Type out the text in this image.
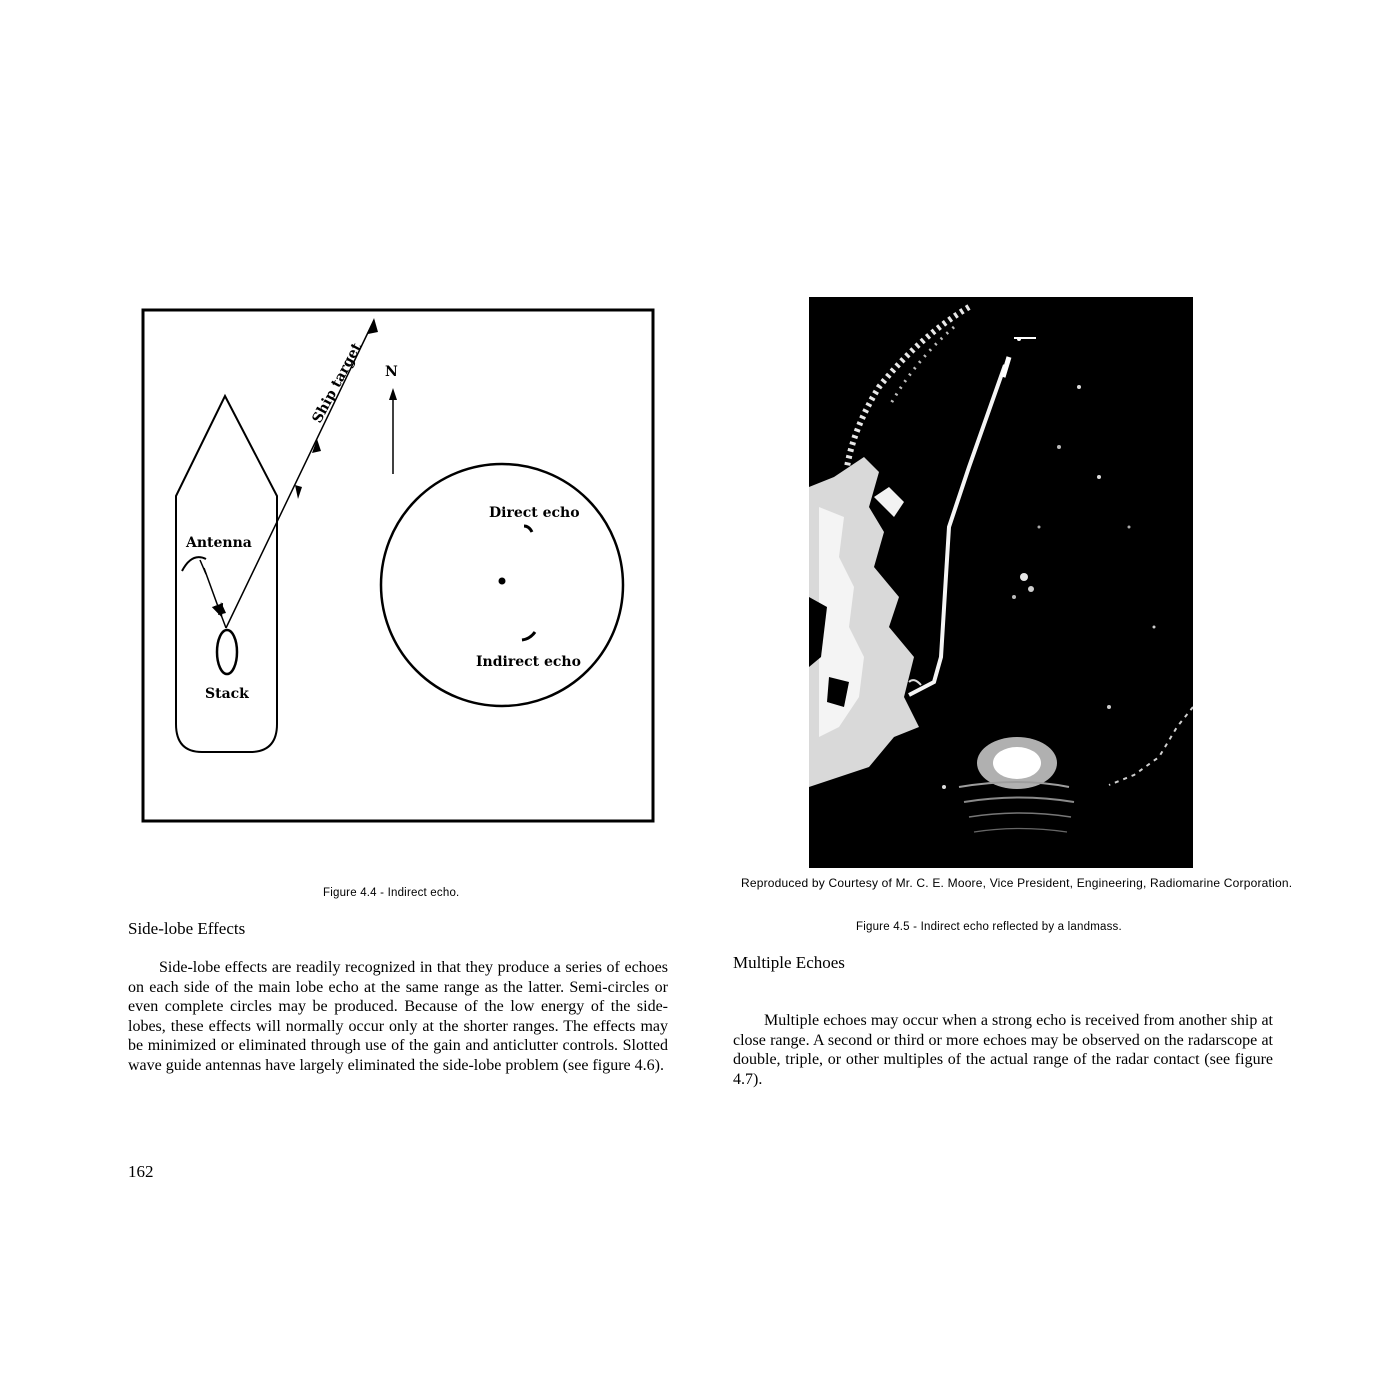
Ship target N
Antenna
Stack
Direct echo
Indirect echo
Figure 4.4 - Indirect echo.
Reproduced by Courtesy of Mr. C. E. Moore, Vice President, Engineering, Radiomarine Corporation.
Figure 4.5 - Indirect echo reflected by a landmass.
Side-lobe Effects

Side-lobe effects are readily recognized in that they produce a series of echoes on each side of the main lobe echo at the same range as the latter. Semi-circles or even complete circles may be produced. Because of the low energy of the side-lobes, these effects will normally occur only at the shorter ranges. The effects may be minimized or eliminated through use of the gain and anticlutter controls. Slotted wave guide antennas have largely eliminated the side-lobe problem (see figure 4.6).

Multiple Echoes

Multiple echoes may occur when a strong echo is received from another ship at close range. A second or third or more echoes may be observed on the radarscope at double, triple, or other multiples of the actual range of the radar contact (see figure 4.7).

162
